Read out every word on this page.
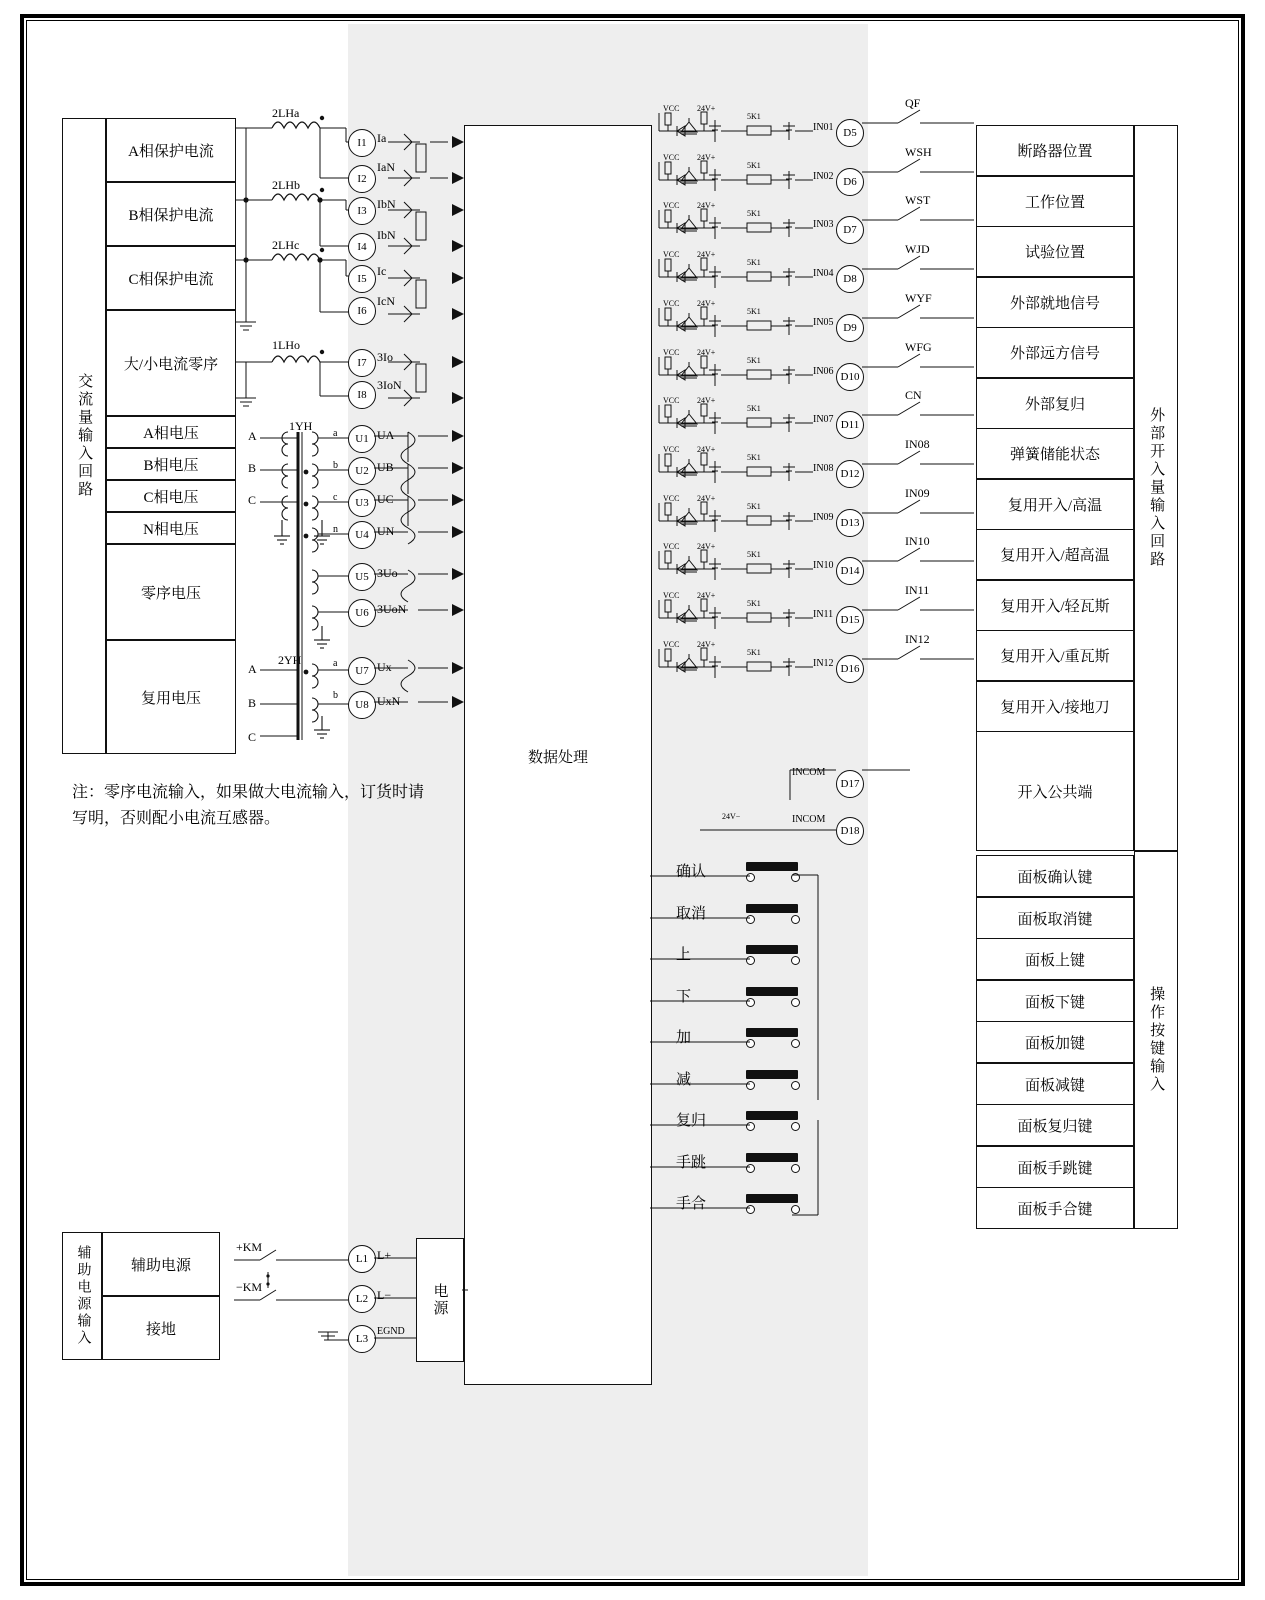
交流量输入回路
A相保护电流
B相保护电流
C相保护电流
大/小电流零序
A相电压
B相电压
C相电压
N相电压
零序电压
复用电压
辅助电源输入	辅助电源
接地
2LHa
2LHb
2LHc
1LHo
I1 Ia
I2
IaN
I3 IbN
I4
IbN
I5
Ic
I6
IcN
I7 3Io
I8
3IoN
1YH
2YH
A
B
C
A
B
C
a
b
c
n
a
b
U1 UA
U2 UB
U3 UC
U4 UN
U5 3Uo
U6 3UoN
U7 Ux
U8 UxN
注：零序电流输入，如果做大电流输入，订货时请写明，否则配小电流互感器。
数据处理
VCC 24V+
5K1
IN01 D5
QF
VCC 24V+
5K1
IN02 D6
WSH
VCC 24V+
5K1
IN03 D7
WST
VCC 24V+
5K1
IN04 D8
WJD
VCC 24V+
5K1
IN05 D9
WYF
VCC 24V+
5K1
IN06 D10
WFG
VCC 24V+
5K1
IN07 D11
CN
VCC 24V+
5K1
IN08 D12
IN08
VCC 24V+
5K1
IN09 D13
IN09
VCC 24V+
5K1
IN10 D14
IN10
VCC 24V+
5K1
IN11 D15
IN11
VCC 24V+
5K1
IN12 D16
IN12
INCOM
D17
INCOM
D18
24V−
断路器位置
工作位置
试验位置
外部就地信号
外部远方信号
外部复归
弹簧储能状态
复用开入/高温
复用开入/超高温
复用开入/轻瓦斯
复用开入/重瓦斯
复用开入/接地刀
开入公共端
外部开入量输入回路
操作按键输入
面板确认键
确认
面板取消键
取消
面板上键
上
面板下键
下
面板加键
加
面板减键
减
面板复归键
复归
面板手跳键
手跳
面板手合键
手合
电源
L1 L+
L2 L−
L3
EGND
+KM
−KM
